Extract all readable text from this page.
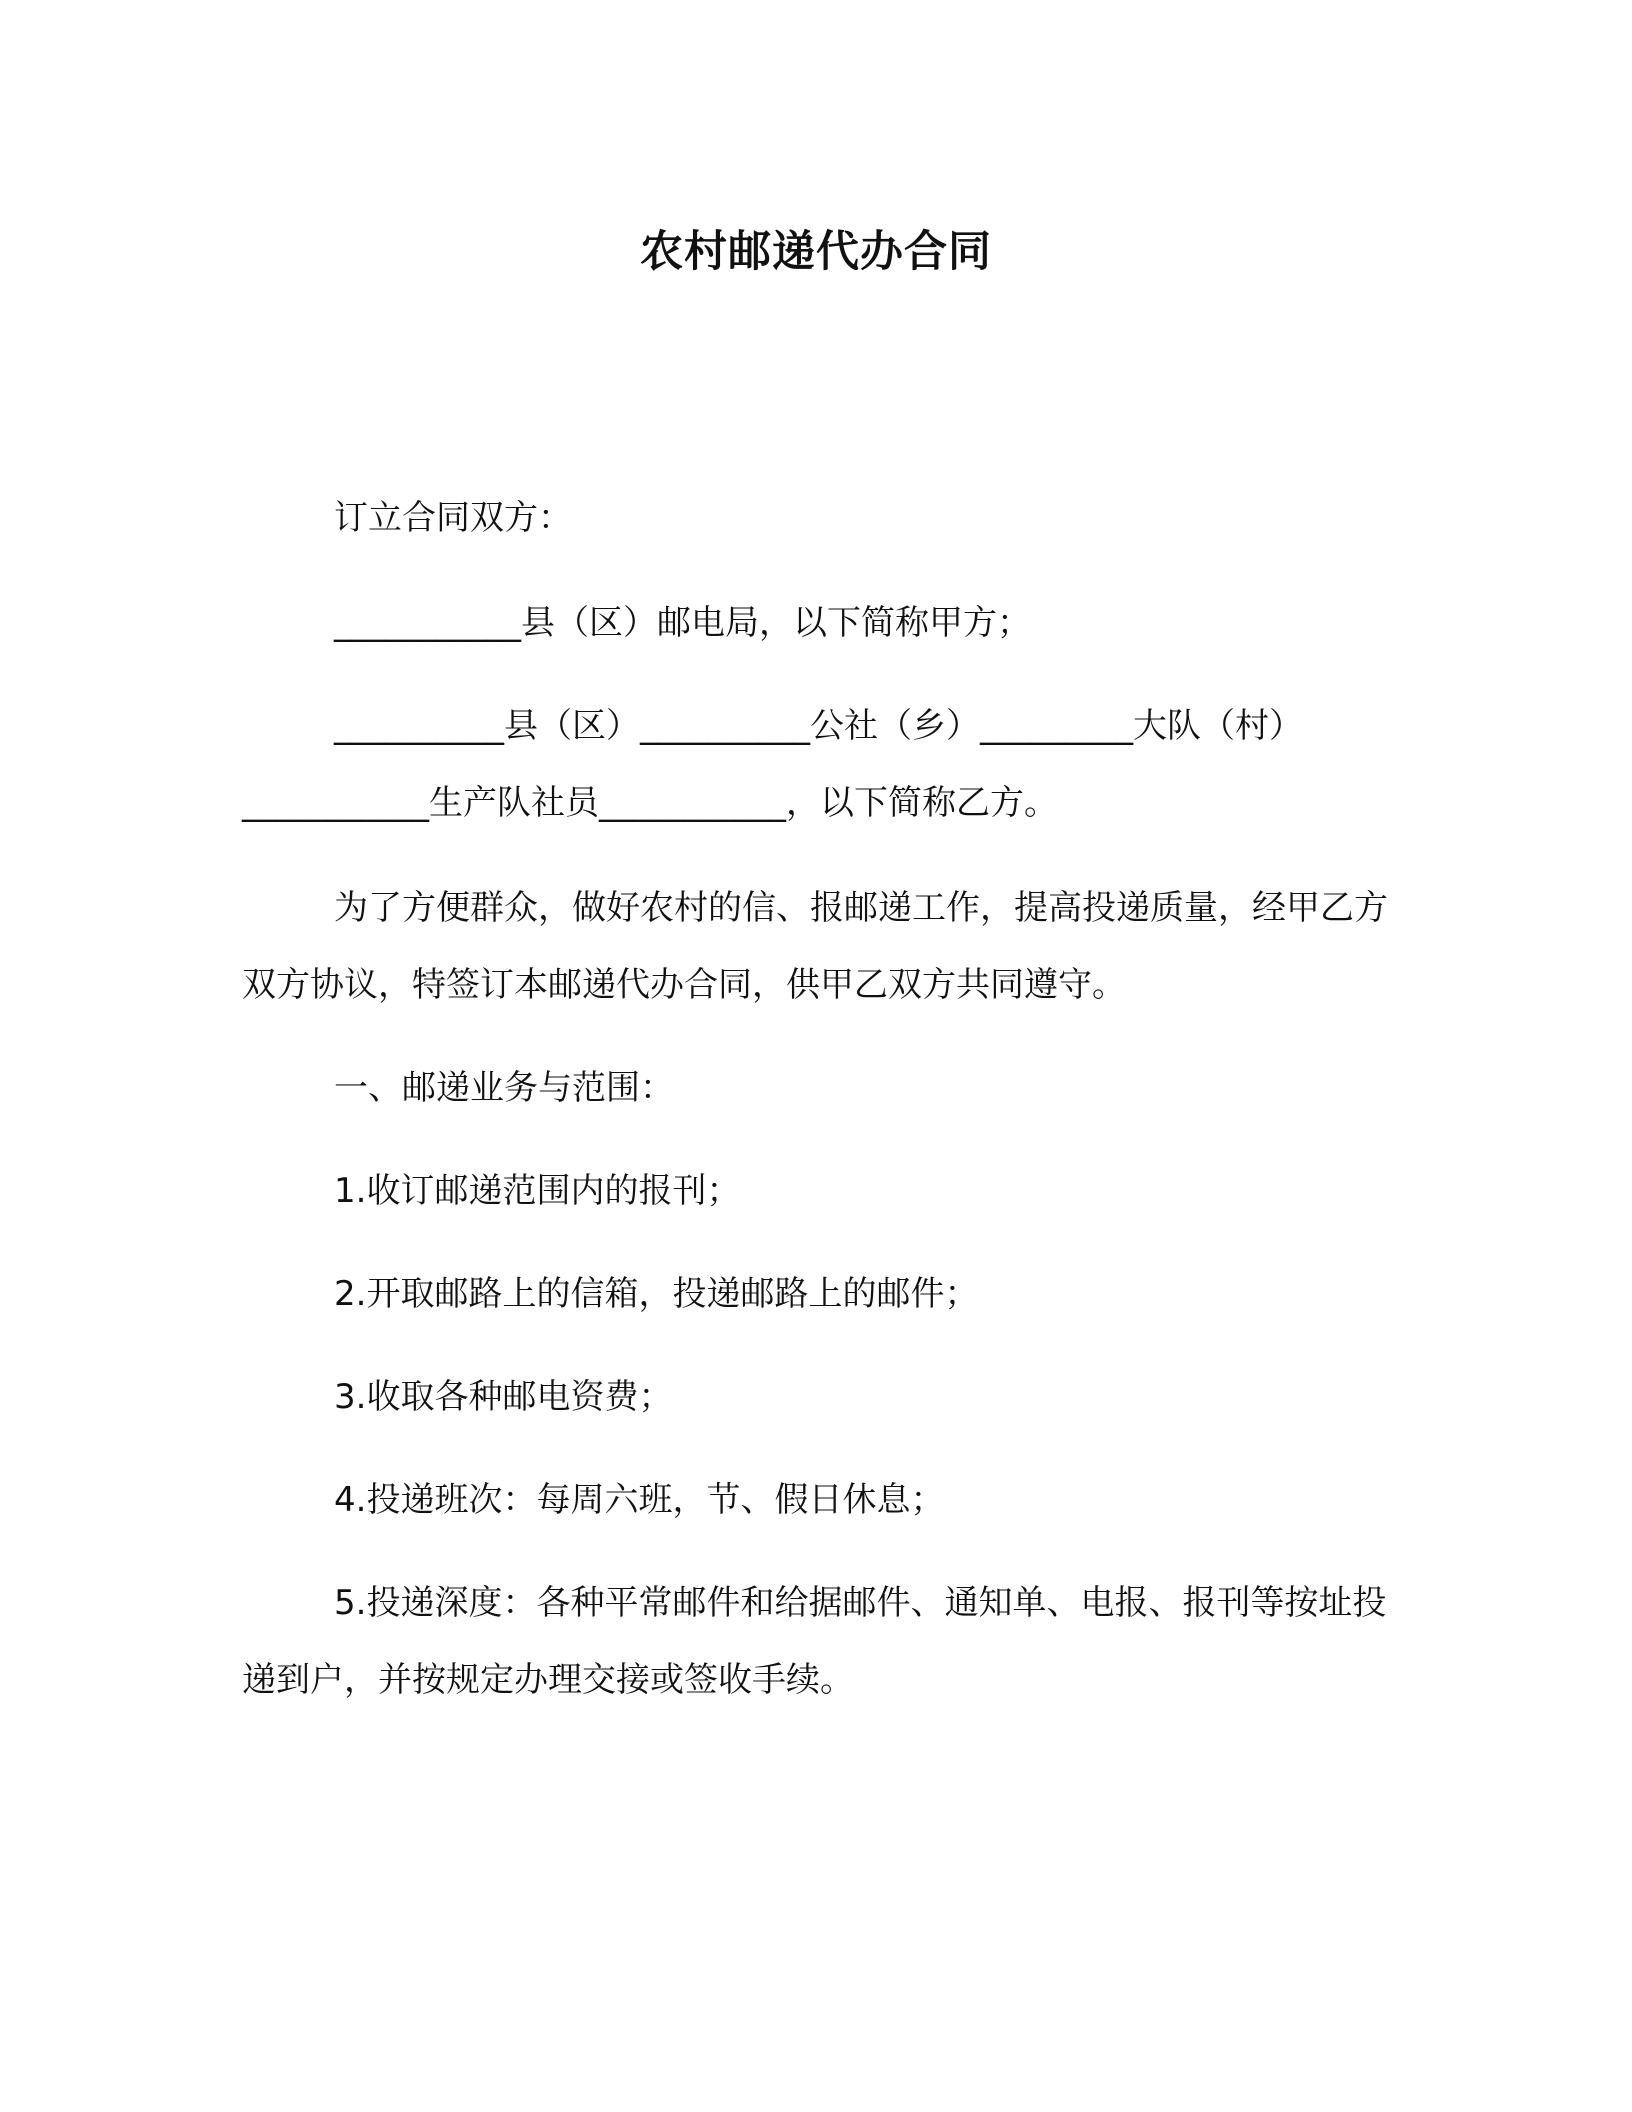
农村邮递代办合同

订立合同双方：

___________县（区）邮电局，以下简称甲方；

__________县（区）__________公社（乡）_________大队（村）___________生产队社员___________，以下简称乙方。

为了方便群众，做好农村的信、报邮递工作，提高投递质量，经甲乙方双方协议，特签订本邮递代办合同，供甲乙双方共同遵守。

一、邮递业务与范围：

1.收订邮递范围内的报刊；

2.开取邮路上的信箱，投递邮路上的邮件；

3.收取各种邮电资费；

4.投递班次：每周六班，节、假日休息；

5.投递深度：各种平常邮件和给据邮件、通知单、电报、报刊等按址投递到户，并按规定办理交接或签收手续。
